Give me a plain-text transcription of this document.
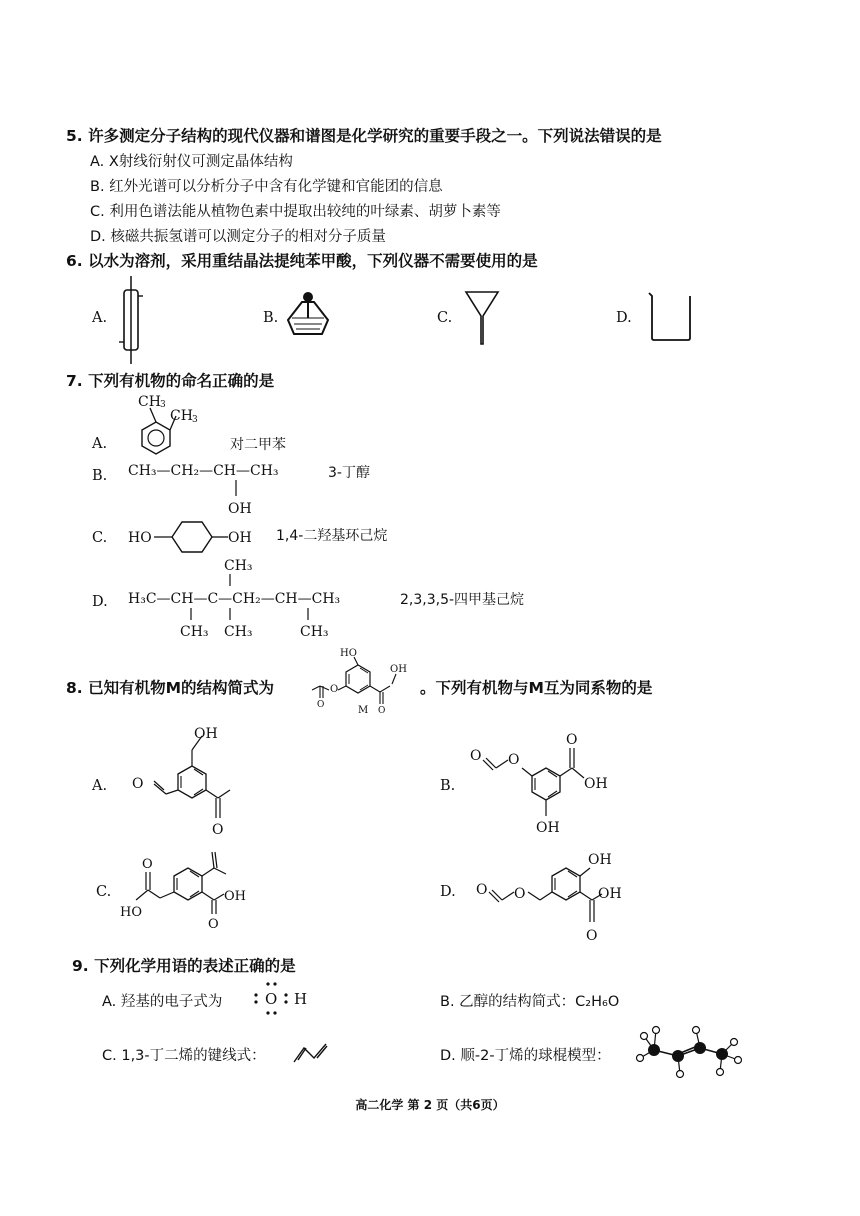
5. 许多测定分子结构的现代仪器和谱图是化学研究的重要手段之一。下列说法错误的是
A. X射线衍射仪可测定晶体结构
B. 红外光谱可以分析分子中含有化学键和官能团的信息
C. 利用色谱法能从植物色素中提取出较纯的叶绿素、胡萝卜素等
D. 核磁共振氢谱可以测定分子的相对分子质量
6. 以水为溶剂，采用重结晶法提纯苯甲酸，下列仪器不需要使用的是
A.	B.	C.	D.
7. 下列有机物的命名正确的是
A.
CH 3
CH 3
对二甲苯
B. CH₃—CH₂—CH—CH₃
OH
3-丁醇
C. HO	OH 1,4-二羟基环己烷
D.
CH₃
H₃C—CH—C—CH₂—CH—CH₃
CH₃ CH₃	CH₃
2,3,3,5-四甲基己烷
8. 已知有机物M的结构简式为
HO
O
O
O
OH
M
。下列有机物与M互为同系物的是
A.
OH
O
O
B.
O
O
O
OH
OH
C.
O
OH
O
HO
D.
OH
O
OH
O
O
9. 下列化学用语的表述正确的是
A. 羟基的电子式为	O H	B. 乙醇的结构简式：C₂H₆O
C. 1,3-丁二烯的键线式：	D. 顺-2-丁烯的球棍模型：
高二化学 第 2 页（共6页）
